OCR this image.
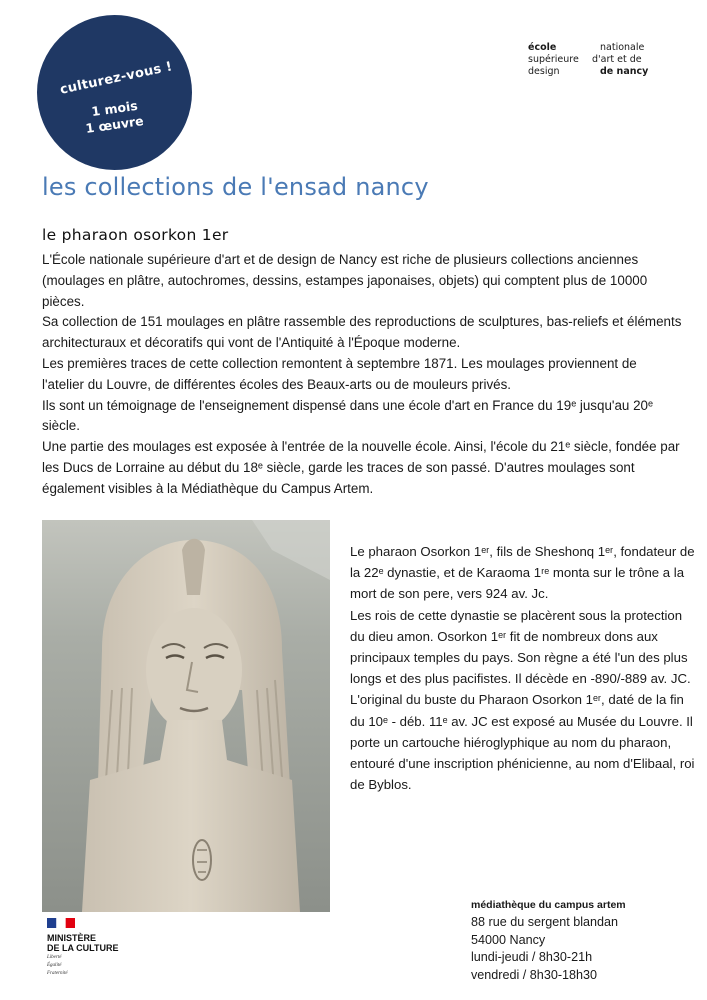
culturez-vous !
1 mois
1 œuvre
école	nationale
supérieure d'art et de
design	de nancy
les collections de l'ensad nancy
le pharaon osorkon 1er

L'École nationale supérieure d'art et de design de Nancy est riche de plusieurs collections anciennes (moulages en plâtre, autochromes, dessins, estampes japonaises, objets) qui comptent plus de 10000 pièces.

Sa collection de 151 moulages en plâtre rassemble des reproductions de sculptures, bas-reliefs et éléments architecturaux et décoratifs qui vont de l'Antiquité à l'Époque moderne.

Les premières traces de cette collection remontent à septembre 1871. Les moulages proviennent de l'atelier du Louvre, de différentes écoles des Beaux-arts ou de mouleurs privés.

Ils sont un témoignage de l'enseignement dispensé dans une école d'art en France du 19ᵉ jusqu'au 20ᵉ siècle.

Une partie des moulages est exposée à l'entrée de la nouvelle école. Ainsi, l'école du 21ᵉ siècle, fondée par les Ducs de Lorraine au début du 18ᵉ siècle, garde les traces de son passé. D'autres moulages sont également visibles à la Médiathèque du Campus Artem.

Le pharaon Osorkon 1ᵉʳ, fils de Sheshonq 1ᵉʳ, fondateur de la 22ᵉ dynastie, et de Karaoma 1ʳᵉ monta sur le trône a la mort de son pere, vers 924 av. Jc.

Les rois de cette dynastie se placèrent sous la protection du dieu amon. Osorkon 1ᵉʳ fit de nombreux dons aux principaux temples du pays. Son règne a été l'un des plus longs et des plus pacifistes. Il décède en -890/-889 av. JC.

L'original du buste du Pharaon Osorkon 1ᵉʳ, daté de la fin du 10ᵉ - déb. 11ᵉ av. JC est exposé au Musée du Louvre. Il porte un cartouche hiéroglyphique au nom du pharaon, entouré d'une inscription phénicienne, au nom d'Elibaal, roi de Byblos.

MINISTÈRE
DE LA CULTURE
Liberté
Égalité
Fraternité
médiathèque du campus artem
88 rue du sergent blandan
54000 Nancy
lundi-jeudi / 8h30-21h
vendredi / 8h30-18h30
